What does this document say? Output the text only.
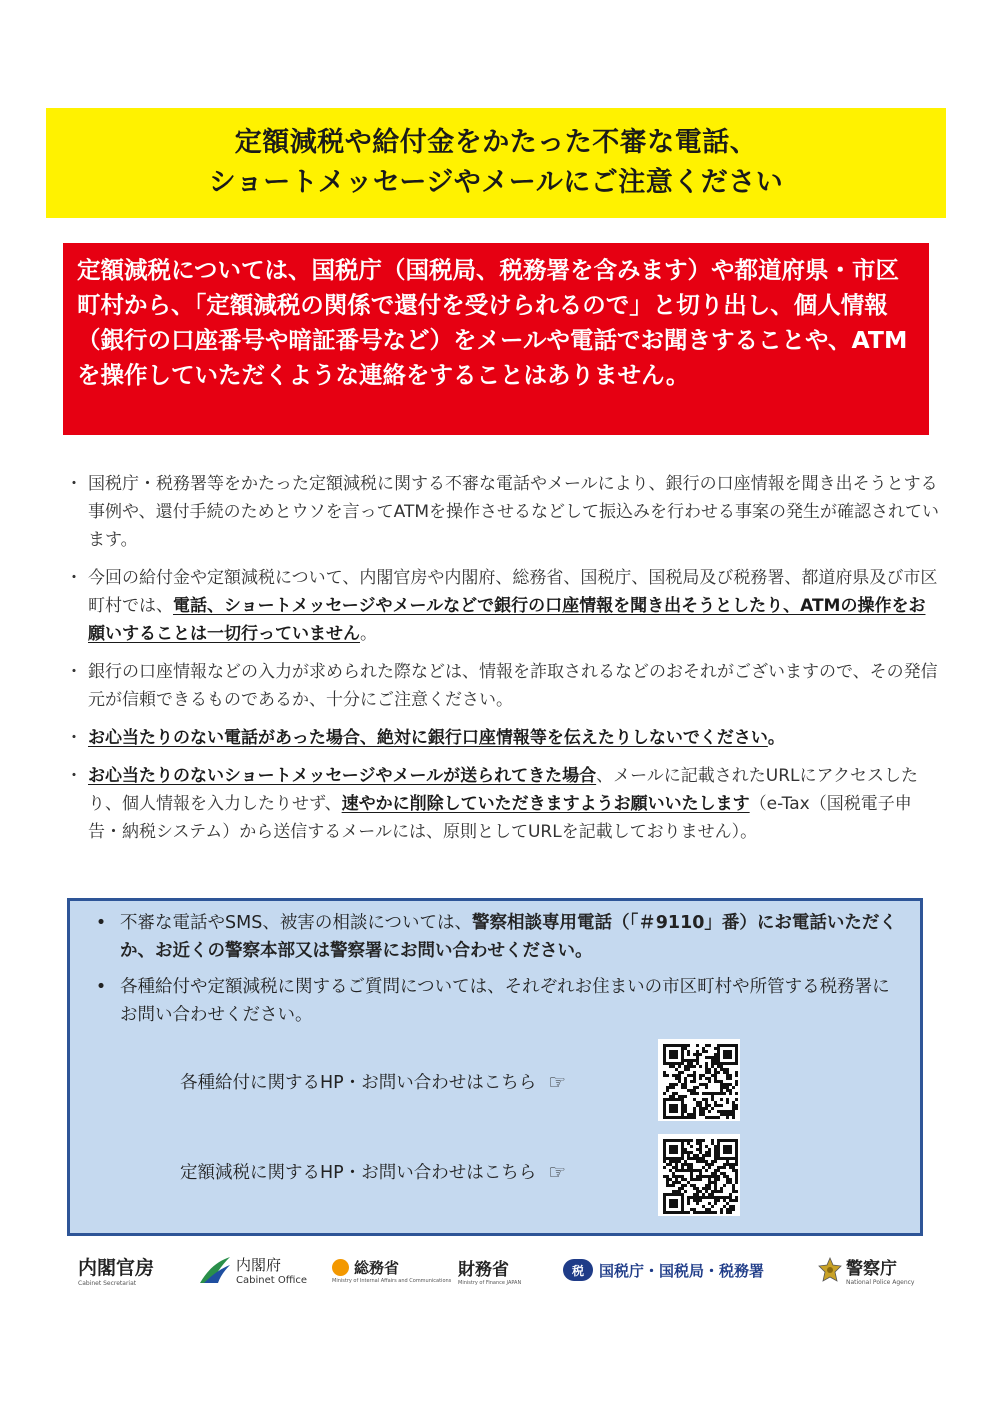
定額減税や給付金をかたった不審な電話、
ショートメッセージやメールにご注意ください
定額減税については、国税庁（国税局、税務署を含みます）や都道府県・市区町村から、「定額減税の関係で還付を受けられるので」と切り出し、個人情報（銀行の口座番号や暗証番号など）をメールや電話でお聞きすることや、ATMを操作していただくような連絡をすることはありません。
・ 国税庁・税務署等をかたった定額減税に関する不審な電話やメールにより、銀行の口座情報を聞き出そうとする事例や、還付手続のためとウソを言ってATMを操作させるなどして振込みを行わせる事案の発生が確認されています。
・ 今回の給付金や定額減税について、内閣官房や内閣府、総務省、国税庁、国税局及び税務署、都道府県及び市区町村では、電話、ショートメッセージやメールなどで銀行の口座情報を聞き出そうとしたり、ATMの操作をお願いすることは一切行っていません。
・ 銀行の口座情報などの入力が求められた際などは、情報を詐取されるなどのおそれがございますので、その発信元が信頼できるものであるか、十分にご注意ください。
・ お心当たりのない電話があった場合、絶対に銀行口座情報等を伝えたりしないでください。
・ お心当たりのないショートメッセージやメールが送られてきた場合、メールに記載されたURLにアクセスしたり、個人情報を入力したりせず、速やかに削除していただきますようお願いいたします（e-Tax（国税電子申告・納税システム）から送信するメールには、原則としてURLを記載しておりません）。
• 不審な電話やSMS、被害の相談については、警察相談専用電話（「＃9110」番）にお電話いただくか、お近くの警察本部又は警察署にお問い合わせください。
• 各種給付や定額減税に関するご質問については、それぞれお住まいの市区町村や所管する税務署にお問い合わせください。
各種給付に関するHP・お問い合わせはこちら ☞
定額減税に関するHP・お問い合わせはこちら ☞
内閣官房
Cabinet Secretariat
内閣府
Cabinet Office
総務省
Ministry of Internal Affairs and Communications
財務省
Ministry of Finance JAPAN
税	国税庁・国税局・税務署	警察庁
National Police Agency
